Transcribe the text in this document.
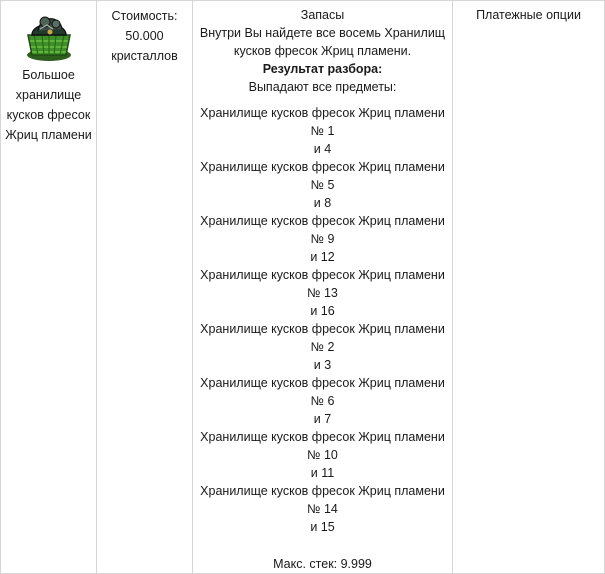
Большое
хранилище
кусков фресок
Жриц пламени

Стоимость:
50.000
кристаллов

Запасы
Внутри Вы найдете все восемь Хранилищ
кусков фресок Жриц пламени.
Результат разбора:
Выпадают все предметы:
Хранилище кусков фресок Жриц пламени № 1
и 4
Хранилище кусков фресок Жриц пламени № 5
и 8
Хранилище кусков фресок Жриц пламени № 9
и 12
Хранилище кусков фресок Жриц пламени № 13
и 16
Хранилище кусков фресок Жриц пламени № 2
и 3
Хранилище кусков фресок Жриц пламени № 6
и 7
Хранилище кусков фресок Жриц пламени № 10
и 11
Хранилище кусков фресок Жриц пламени № 14
и 15
Макс. стек: 9.999

Платежные опции
